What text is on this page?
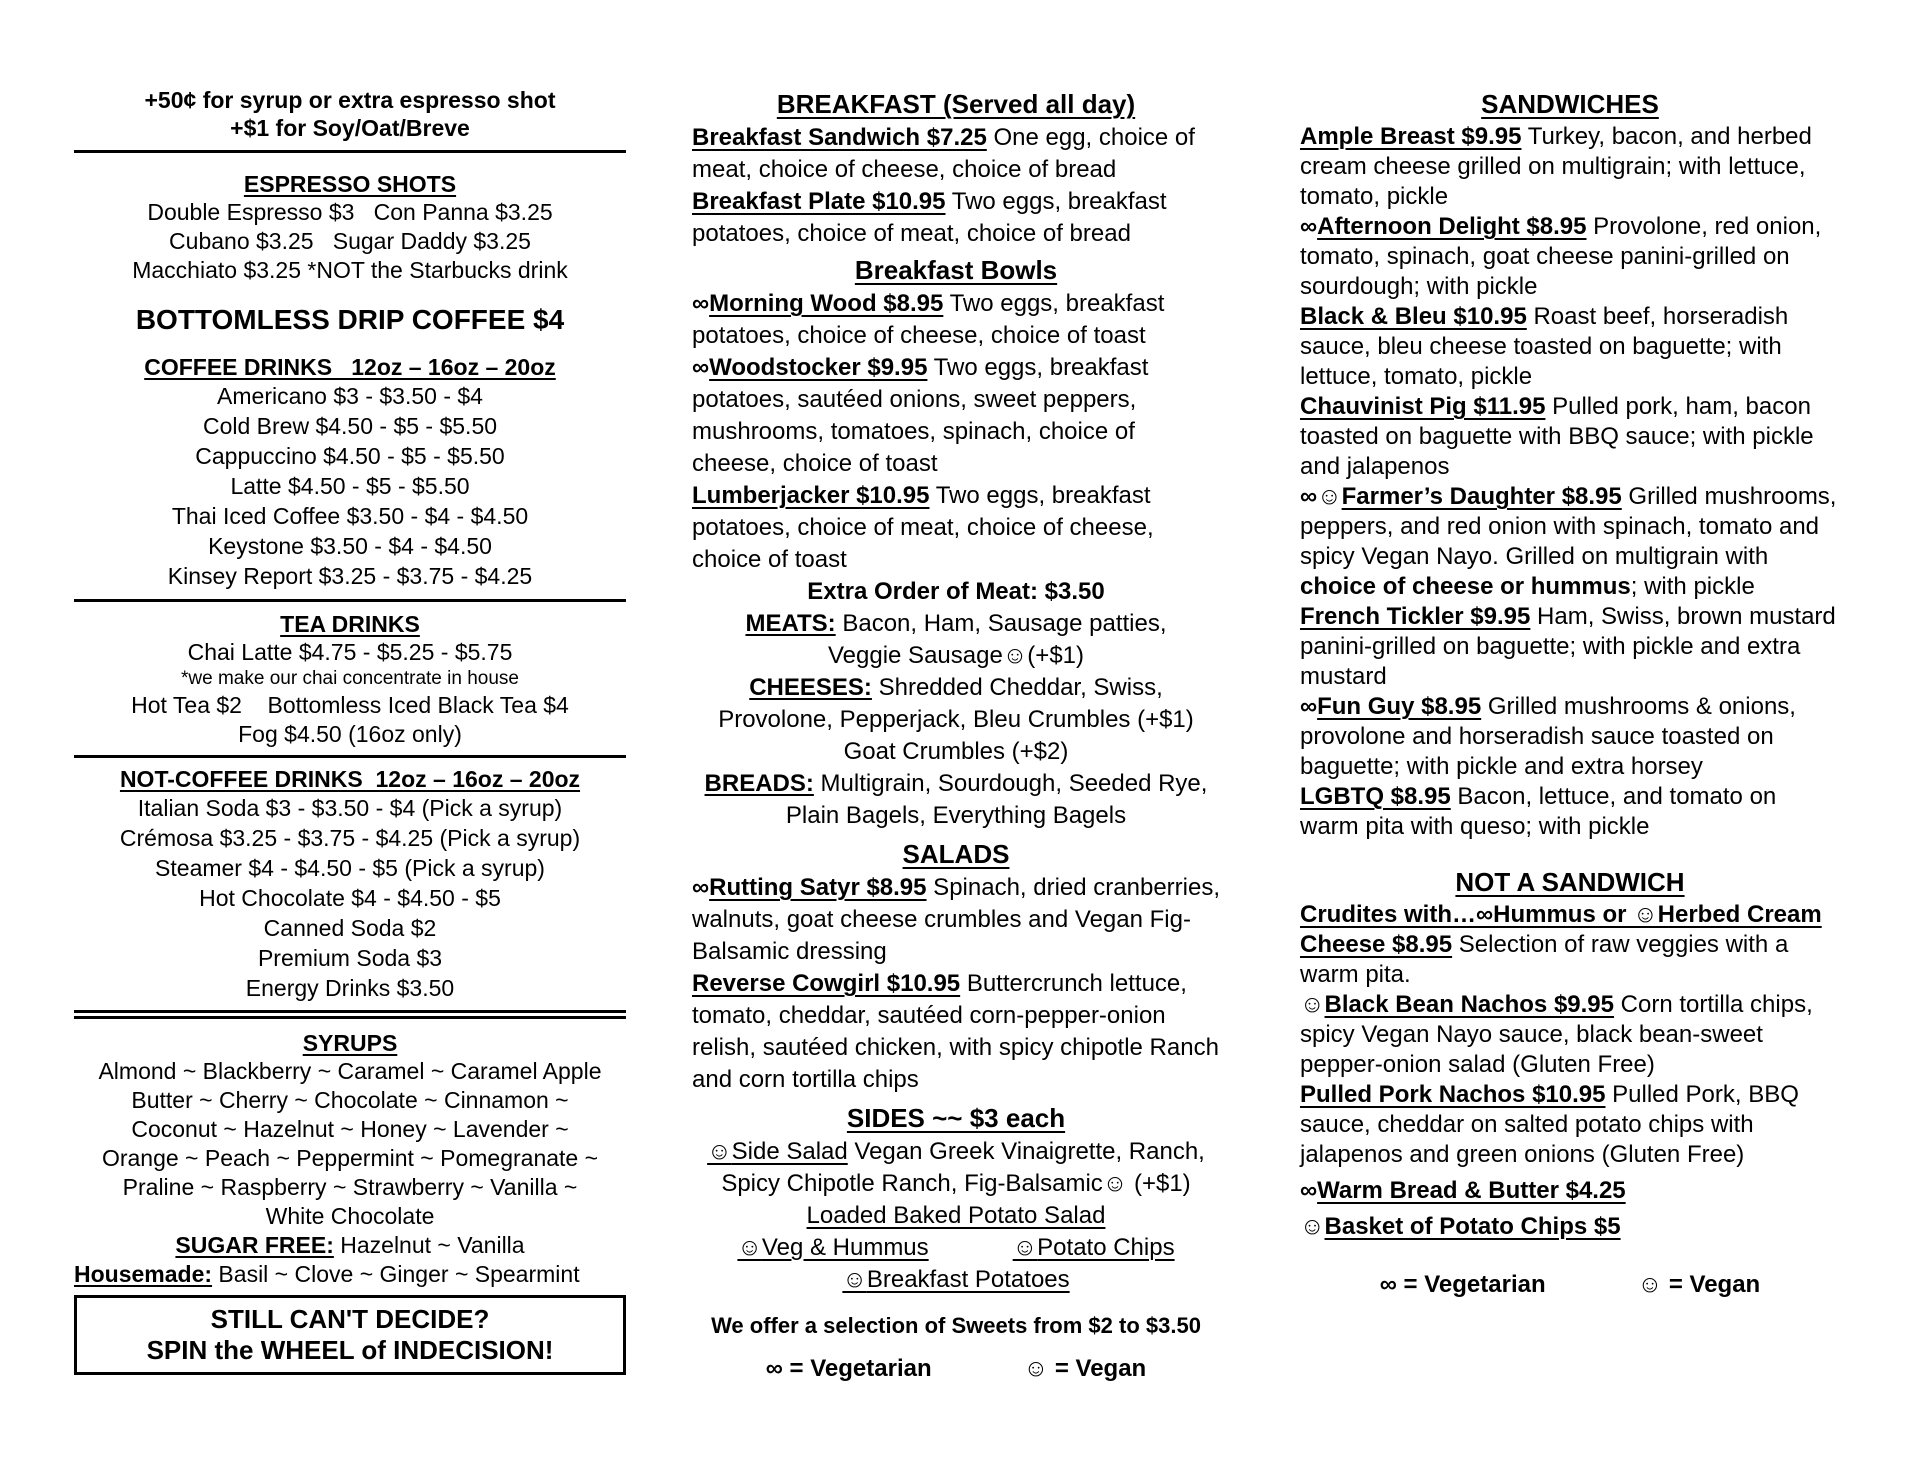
+50¢ for syrup or extra espresso shot

+$1 for Soy/Oat/Breve

ESPRESSO SHOTS

Double Espresso $3   Con Panna $3.25

Cubano $3.25   Sugar Daddy $3.25

Macchiato $3.25 *NOT the Starbucks drink

BOTTOMLESS DRIP COFFEE $4

COFFEE DRINKS   12oz – 16oz – 20oz

Americano $3 - $3.50 - $4

Cold Brew $4.50 - $5 - $5.50

Cappuccino $4.50 - $5 - $5.50

Latte $4.50 - $5 - $5.50

Thai Iced Coffee $3.50 - $4 - $4.50

Keystone $3.50 - $4 - $4.50

Kinsey Report $3.25 - $3.75 - $4.25

TEA DRINKS

Chai Latte $4.75 - $5.25 - $5.75

*we make our chai concentrate in house

Hot Tea $2    Bottomless Iced Black Tea $4

Fog $4.50 (16oz only)

NOT-COFFEE DRINKS  12oz – 16oz – 20oz

Italian Soda $3 - $3.50 - $4 (Pick a syrup)

Crémosa $3.25 - $3.75 - $4.25 (Pick a syrup)

Steamer $4 - $4.50 - $5 (Pick a syrup)

Hot Chocolate $4 - $4.50 - $5

Canned Soda $2

Premium Soda $3

Energy Drinks $3.50

SYRUPS

Almond ~ Blackberry ~ Caramel ~ Caramel Apple

Butter ~ Cherry ~ Chocolate ~ Cinnamon ~

Coconut ~ Hazelnut ~ Honey ~ Lavender ~

Orange ~ Peach ~ Peppermint ~ Pomegranate ~

Praline ~ Raspberry ~ Strawberry ~ Vanilla ~

White Chocolate

SUGAR FREE: Hazelnut ~ Vanilla

Housemade: Basil ~ Clove ~ Ginger ~ Spearmint

STILL CAN'T DECIDE?

SPIN the WHEEL of INDECISION!

BREAKFAST (Served all day)

Breakfast Sandwich $7.25 One egg, choice of meat, choice of cheese, choice of bread

Breakfast Plate $10.95 Two eggs, breakfast potatoes, choice of meat, choice of bread

Breakfast Bowls

∞Morning Wood $8.95 Two eggs, breakfast potatoes, choice of cheese, choice of toast

∞Woodstocker $9.95 Two eggs, breakfast potatoes, sautéed onions, sweet peppers, mushrooms, tomatoes, spinach, choice of cheese, choice of toast

Lumberjacker $10.95 Two eggs, breakfast potatoes, choice of meat, choice of cheese, choice of toast

Extra Order of Meat: $3.50

MEATS: Bacon, Ham, Sausage patties,

Veggie Sausage☺(+$1)

CHEESES: Shredded Cheddar, Swiss,

Provolone, Pepperjack, Bleu Crumbles (+$1)

Goat Crumbles (+$2)

BREADS: Multigrain, Sourdough, Seeded Rye,

Plain Bagels, Everything Bagels

SALADS

∞Rutting Satyr $8.95 Spinach, dried cranberries, walnuts, goat cheese crumbles and Vegan Fig-Balsamic dressing

Reverse Cowgirl $10.95 Buttercrunch lettuce, tomato, cheddar, sautéed corn-pepper-onion relish, sautéed chicken, with spicy chipotle Ranch and corn tortilla chips

SIDES ~~ $3 each

☺Side Salad Vegan Greek Vinaigrette, Ranch,

Spicy Chipotle Ranch, Fig-Balsamic☺ (+$1)

Loaded Baked Potato Salad

☺Veg & Hummus	☺Potato Chips

☺Breakfast Potatoes

We offer a selection of Sweets from $2 to $3.50

∞ = Vegetarian	☺ = Vegan
SANDWICHES

Ample Breast $9.95 Turkey, bacon, and herbed cream cheese grilled on multigrain; with lettuce, tomato, pickle

∞Afternoon Delight $8.95 Provolone, red onion, tomato, spinach, goat cheese panini-grilled on sourdough; with pickle

Black & Bleu $10.95 Roast beef, horseradish sauce, bleu cheese toasted on baguette; with lettuce, tomato, pickle

Chauvinist Pig $11.95 Pulled pork, ham, bacon toasted on baguette with BBQ sauce; with pickle and jalapenos

∞☺Farmer’s Daughter $8.95 Grilled mushrooms, peppers, and red onion with spinach, tomato and spicy Vegan Nayo. Grilled on multigrain with choice of cheese or hummus; with pickle

French Tickler $9.95 Ham, Swiss, brown mustard panini-grilled on baguette; with pickle and extra mustard

∞Fun Guy $8.95 Grilled mushrooms & onions, provolone and horseradish sauce toasted on baguette; with pickle and extra horsey

LGBTQ $8.95 Bacon, lettuce, and tomato on warm pita with queso; with pickle

NOT A SANDWICH

Crudites with…∞Hummus or ☺Herbed Cream Cheese $8.95 Selection of raw veggies with a warm pita.

☺Black Bean Nachos $9.95 Corn tortilla chips, spicy Vegan Nayo sauce, black bean-sweet pepper-onion salad (Gluten Free)

Pulled Pork Nachos $10.95 Pulled Pork, BBQ sauce, cheddar on salted potato chips with jalapenos and green onions (Gluten Free)

∞Warm Bread & Butter $4.25

☺Basket of Potato Chips $5

∞ = Vegetarian	☺ = Vegan
